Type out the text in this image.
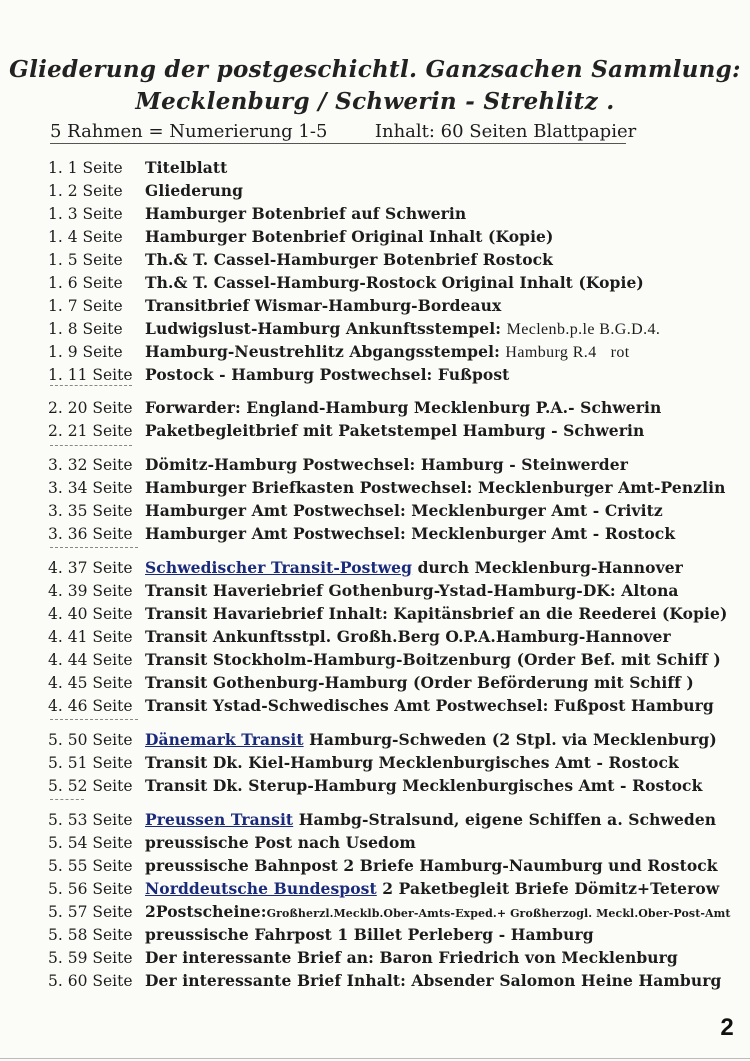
Gliederung der postgeschichtl. Ganzsachen Sammlung:
Mecklenburg / Schwerin - Strehlitz .
5 Rahmen = Numerierung 1-5	Inhalt: 60 Seiten Blattpapier
1. 1 Seite	Titelblatt
1. 2 Seite	Gliederung
1. 3 Seite	Hamburger Botenbrief auf Schwerin
1. 4 Seite	Hamburger Botenbrief Original Inhalt (Kopie)
1. 5 Seite	Th.& T. Cassel-Hamburger Botenbrief Rostock
1. 6 Seite	Th.& T. Cassel-Hamburg-Rostock Original Inhalt (Kopie)
1. 7 Seite	Transitbrief Wismar-Hamburg-Bordeaux
1. 8 Seite	Ludwigslust-Hamburg Ankunftsstempel: Meclenb.p.le B.G.D.4.
1. 9 Seite	Hamburg-Neustrehlitz Abgangsstempel: Hamburg R.4 rot
1. 11 Seite Postock - Hamburg Postwechsel: Fußpost
2. 20 Seite Forwarder: England-Hamburg Mecklenburg P.A.- Schwerin
2. 21 Seite Paketbegleitbrief mit Paketstempel Hamburg - Schwerin
3. 32 Seite Dömitz-Hamburg Postwechsel: Hamburg - Steinwerder
3. 34 Seite Hamburger Briefkasten Postwechsel: Mecklenburger Amt-Penzlin
3. 35 Seite Hamburger Amt Postwechsel: Mecklenburger Amt - Crivitz
3. 36 Seite Hamburger Amt Postwechsel: Mecklenburger Amt - Rostock
4. 37 Seite Schwedischer Transit-Postweg durch Mecklenburg-Hannover
4. 39 Seite Transit Haveriebrief Gothenburg-Ystad-Hamburg-DK: Altona
4. 40 Seite Transit Havariebrief Inhalt: Kapitänsbrief an die Reederei (Kopie)
4. 41 Seite Transit Ankunftsstpl. Großh.Berg O.P.A.Hamburg-Hannover
4. 44 Seite Transit Stockholm-Hamburg-Boitzenburg (Order Bef. mit Schiff )
4. 45 Seite Transit Gothenburg-Hamburg (Order Beförderung mit Schiff )
4. 46 Seite Transit Ystad-Schwedisches Amt Postwechsel: Fußpost Hamburg
5. 50 Seite Dänemark Transit Hamburg-Schweden (2 Stpl. via Mecklenburg)
5. 51 Seite Transit Dk. Kiel-Hamburg Mecklenburgisches Amt - Rostock
5. 52 Seite Transit Dk. Sterup-Hamburg Mecklenburgisches Amt - Rostock
5. 53 Seite Preussen Transit Hambg-Stralsund, eigene Schiffen a. Schweden
5. 54 Seite preussische Post nach Usedom
5. 55 Seite preussische Bahnpost 2 Briefe Hamburg-Naumburg und Rostock
5. 56 Seite Norddeutsche Bundespost 2 Paketbegleit Briefe Dömitz+Teterow
5. 57 Seite 2Postscheine:Großherzl.Mecklb.Ober-Amts-Exped.+ Großherzogl. Meckl.Ober-Post-Amt
5. 58 Seite preussische Fahrpost 1 Billet Perleberg - Hamburg
5. 59 Seite Der interessante Brief an: Baron Friedrich von Mecklenburg
5. 60 Seite Der interessante Brief Inhalt: Absender Salomon Heine Hamburg
2
